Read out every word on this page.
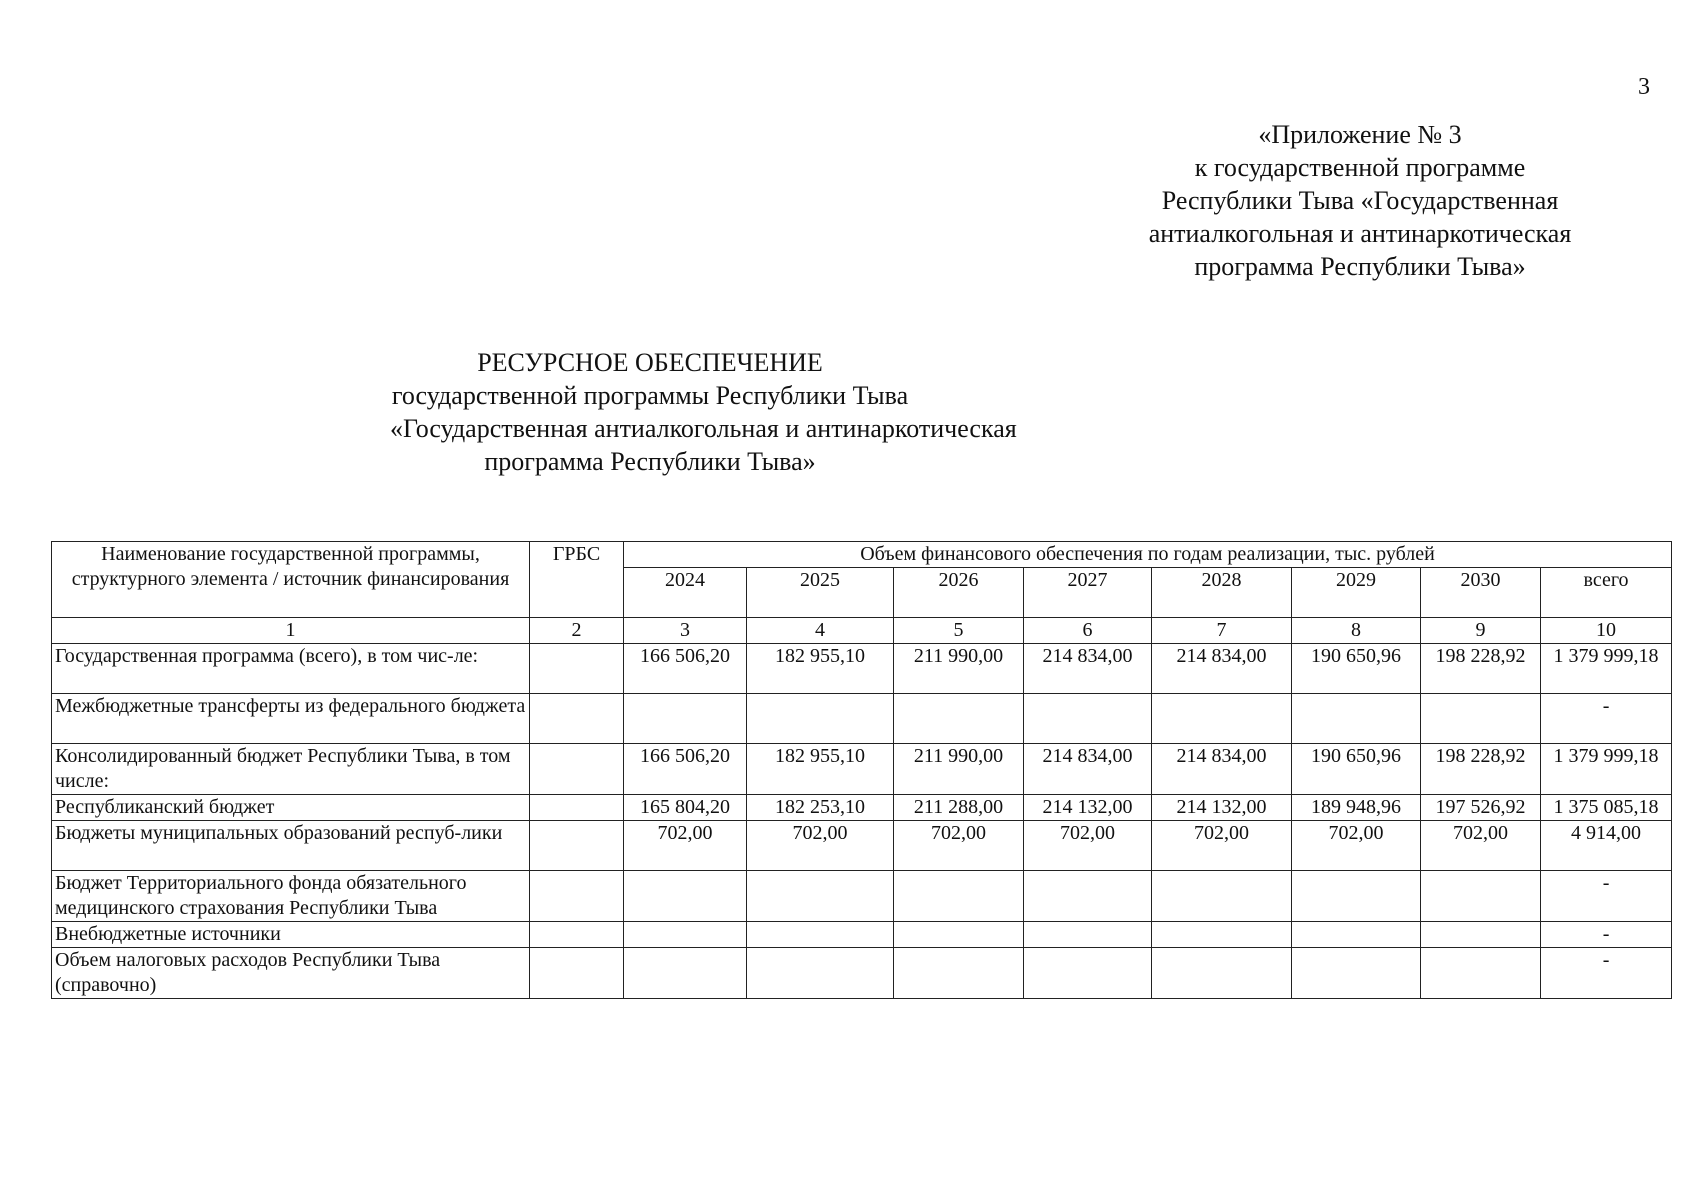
3
«Приложение № 3
к государственной программе
Республики Тыва «Государственная
антиалкогольная и антинаркотическая
программа Республики Тыва»
РЕСУРСНОЕ ОБЕСПЕЧЕНИЕ
государственной программы Республики Тыва
«Государственная антиалкогольная и антинаркотическая
программа Республики Тыва»
Наименование государственной программы, структурного элемента / источник финансирования	ГРБС	Объем финансового обеспечения по годам реализации, тыс. рублей							
		2024	2025	2026	2027	2028	2029	2030	всего
1	2	3	4	5	6	7	8	9	10
Государственная программа (всего), в том чис-ле:		166 506,20	182 955,10	211 990,00	214 834,00	214 834,00	190 650,96	198 228,92	1 379 999,18
Межбюджетные трансферты из федерального бюджета									-
Консолидированный бюджет Республики Тыва, в том числе:		166 506,20	182 955,10	211 990,00	214 834,00	214 834,00	190 650,96	198 228,92	1 379 999,18
Республиканский бюджет		165 804,20	182 253,10	211 288,00	214 132,00	214 132,00	189 948,96	197 526,92	1 375 085,18
Бюджеты муниципальных образований респуб-лики		702,00	702,00	702,00	702,00	702,00	702,00	702,00	4 914,00
Бюджет Территориального фонда обязательного медицинского страхования Республики Тыва									-
Внебюджетные источники									-
Объем налоговых расходов Республики Тыва (справочно)									-
